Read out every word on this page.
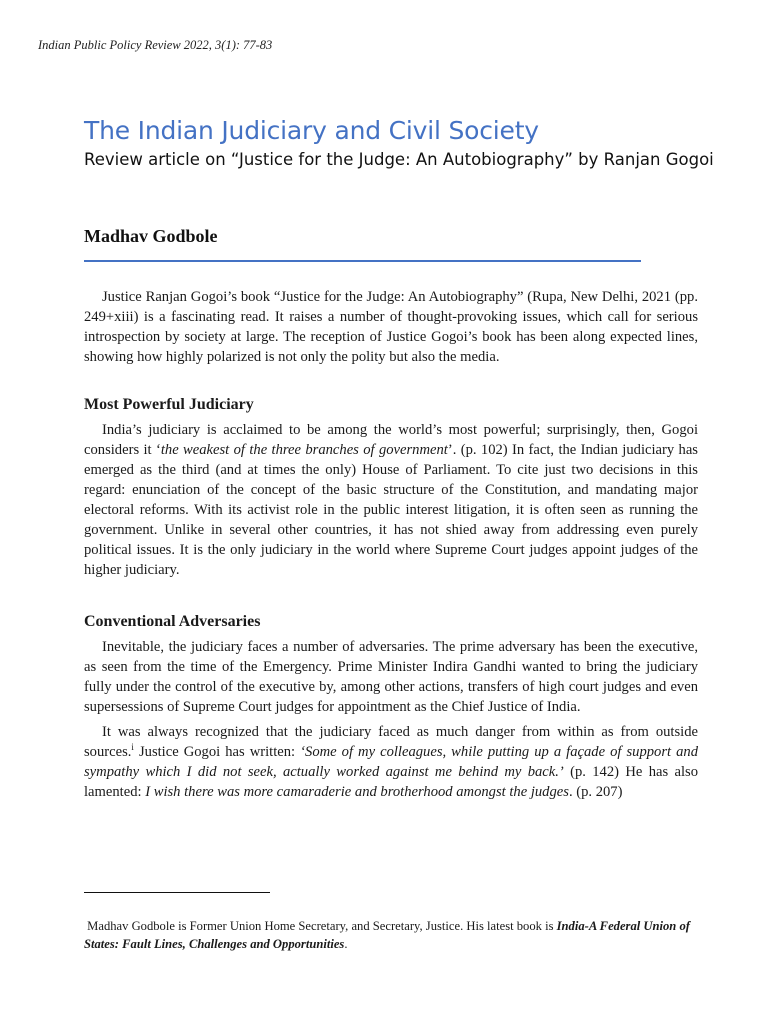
Indian Public Policy Review 2022, 3(1): 77-83
The Indian Judiciary and Civil Society

Review article on “Justice for the Judge: An Autobiography” by Ranjan Gogoi

Madhav Godbole

Justice Ranjan Gogoi’s book “Justice for the Judge: An Autobiography” (Rupa, New Delhi, 2021 (pp. 249+xiii) is a fascinating read. It raises a number of thought-provoking issues, which call for serious introspection by society at large. The reception of Justice Gogoi’s book has been along expected lines, showing how highly polarized is not only the polity but also the media.

Most Powerful Judiciary

India’s judiciary is acclaimed to be among the world’s most powerful; surprisingly, then, Gogoi considers it ‘the weakest of the three branches of government’. (p. 102) In fact, the Indian judiciary has emerged as the third (and at times the only) House of Parliament. To cite just two decisions in this regard: enunciation of the concept of the basic structure of the Constitution, and mandating major electoral reforms. With its activist role in the public interest litigation, it is often seen as running the government. Unlike in several other countries, it has not shied away from addressing even purely political issues. It is the only judiciary in the world where Supreme Court judges appoint judges of the higher judiciary.

Conventional Adversaries

Inevitable, the judiciary faces a number of adversaries. The prime adversary has been the executive, as seen from the time of the Emergency. Prime Minister Indira Gandhi wanted to bring the judiciary fully under the control of the executive by, among other actions, transfers of high court judges and even supersessions of Supreme Court judges for appointment as the Chief Justice of India.

It was always recognized that the judiciary faced as much danger from within as from outside sources.$^i$ Justice Gogoi has written: ‘Some of my colleagues, while putting up a façade of support and sympathy which I did not seek, actually worked against me behind my back.’ (p. 142) He has also lamented: I wish there was more camaraderie and brotherhood amongst the judges. (p. 207)

Madhav Godbole is Former Union Home Secretary, and Secretary, Justice. His latest book is India-A Federal Union of States: Fault Lines, Challenges and Opportunities.
